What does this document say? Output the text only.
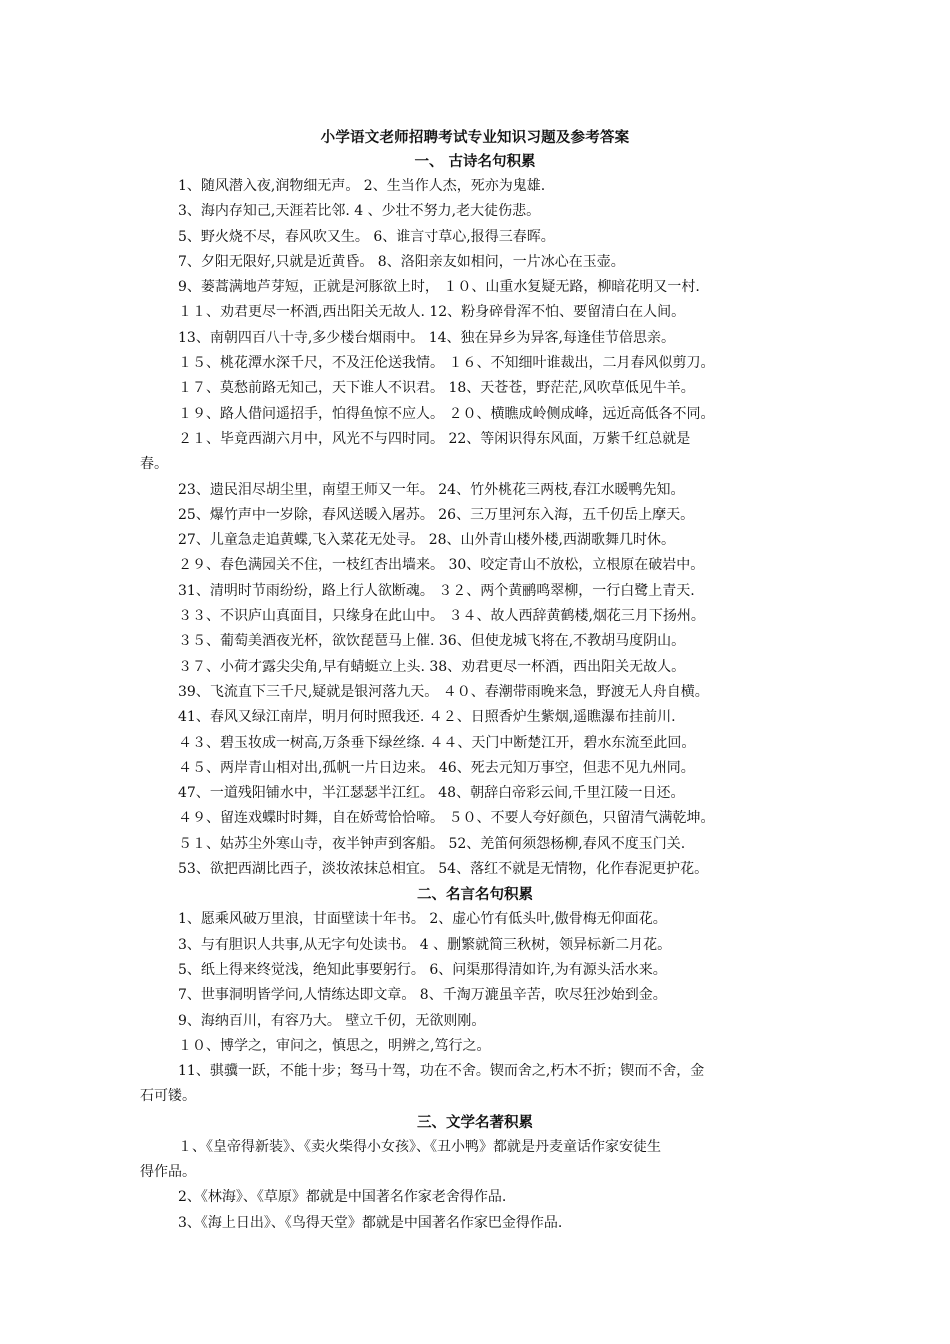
小学语文老师招聘考试专业知识习题及参考答案
一、 古诗名句积累
1、随风潜入夜,润物细无声。 2、生当作人杰，死亦为鬼雄.
3、海内存知己,天涯若比邻. 4 、少壮不努力,老大徒伤悲。
5、野火烧不尽，春风吹又生。 6、谁言寸草心,报得三春晖。
7、夕阳无限好,只就是近黄昏。 8、洛阳亲友如相问，一片冰心在玉壶。
9、蒌蒿满地芦芽短，正就是河豚欲上时， １０、山重水复疑无路，柳暗花明又一村.
１１、劝君更尽一杯酒,西出阳关无故人. 12、粉身碎骨浑不怕、要留清白在人间。
13、南朝四百八十寺,多少楼台烟雨中。 14、独在异乡为异客,每逢佳节倍思亲。
１５、桃花潭水深千尺，不及汪伦送我情。 １６、不知细叶谁裁出，二月春风似剪刀。
１７、莫愁前路无知己，天下谁人不识君。 18、天苍苍，野茫茫,风吹草低见牛羊。
１９、路人借问遥招手，怕得鱼惊不应人。 ２０、横瞧成岭侧成峰，远近高低各不同。
２１、毕竟西湖六月中，风光不与四时同。 22、等闲识得东风面，万紫千红总就是
春。
23、遗民泪尽胡尘里，南望王师又一年。 24、竹外桃花三两枝,春江水暖鸭先知。
25、爆竹声中一岁除，春风送暖入屠苏。 26、三万里河东入海，五千仞岳上摩天。
27、儿童急走追黄蝶,飞入菜花无处寻。 28、山外青山楼外楼,西湖歌舞几时休。
２９、春色满园关不住，一枝红杏出墙来。 30、咬定青山不放松，立根原在破岩中。
31、清明时节雨纷纷，路上行人欲断魂。 ３２、两个黄鹂鸣翠柳，一行白鹭上青天.
３３、不识庐山真面目，只缘身在此山中。 ３４、故人西辞黄鹤楼,烟花三月下扬州。
３５、葡萄美酒夜光杯，欲饮琵琶马上催. 36、但使龙城飞将在,不教胡马度阴山。
３７、小荷才露尖尖角,早有蜻蜓立上头. 38、劝君更尽一杯酒，西出阳关无故人。
39、飞流直下三千尺,疑就是银河落九天。 ４０、春潮带雨晚来急，野渡无人舟自横。
41、春风又绿江南岸，明月何时照我还. ４２、日照香炉生紫烟,遥瞧瀑布挂前川.
４３、碧玉妆成一树高,万条垂下绿丝绦. ４４、天门中断楚江开，碧水东流至此回。
４５、两岸青山相对出,孤帆一片日边来。 46、死去元知万事空，但悲不见九州同。
47、一道残阳铺水中，半江瑟瑟半江红。 48、朝辞白帝彩云间,千里江陵一日还。
４９、留连戏蝶时时舞，自在娇莺恰恰啼。 ５０、不要人夸好颜色，只留清气满乾坤。
５１、姑苏尘外寒山寺，夜半钟声到客船。 52、羌笛何须怨杨柳,春风不度玉门关.
53、欲把西湖比西子，淡妆浓抹总相宜。 54、落红不就是无情物，化作春泥更护花。
二、名言名句积累
1、愿乘风破万里浪，甘面壁读十年书。 2、虚心竹有低头叶,傲骨梅无仰面花。
3、与有胆识人共事,从无字句处读书。 4 、删繁就简三秋树，领异标新二月花。
5、纸上得来终觉浅，绝知此事要躬行。 6、问渠那得清如许,为有源头活水来。
7、世事洞明皆学问,人情练达即文章。 8、千淘万漉虽辛苦，吹尽狂沙始到金。
9、海纳百川，有容乃大。 壁立千仞，无欲则刚。
１０、博学之，审问之，慎思之，明辨之,笃行之。
11、骐骥一跃，不能十步；驽马十驾，功在不舍。锲而舍之,朽木不折；锲而不舍，金
石可镂。
三、文学名著积累
１、《皇帝得新装》、《卖火柴得小女孩》、《丑小鸭》都就是丹麦童话作家安徒生
得作品。
2、《林海》、《草原》都就是中国著名作家老舍得作品.
3、《海上日出》、《鸟得天堂》都就是中国著名作家巴金得作品.
